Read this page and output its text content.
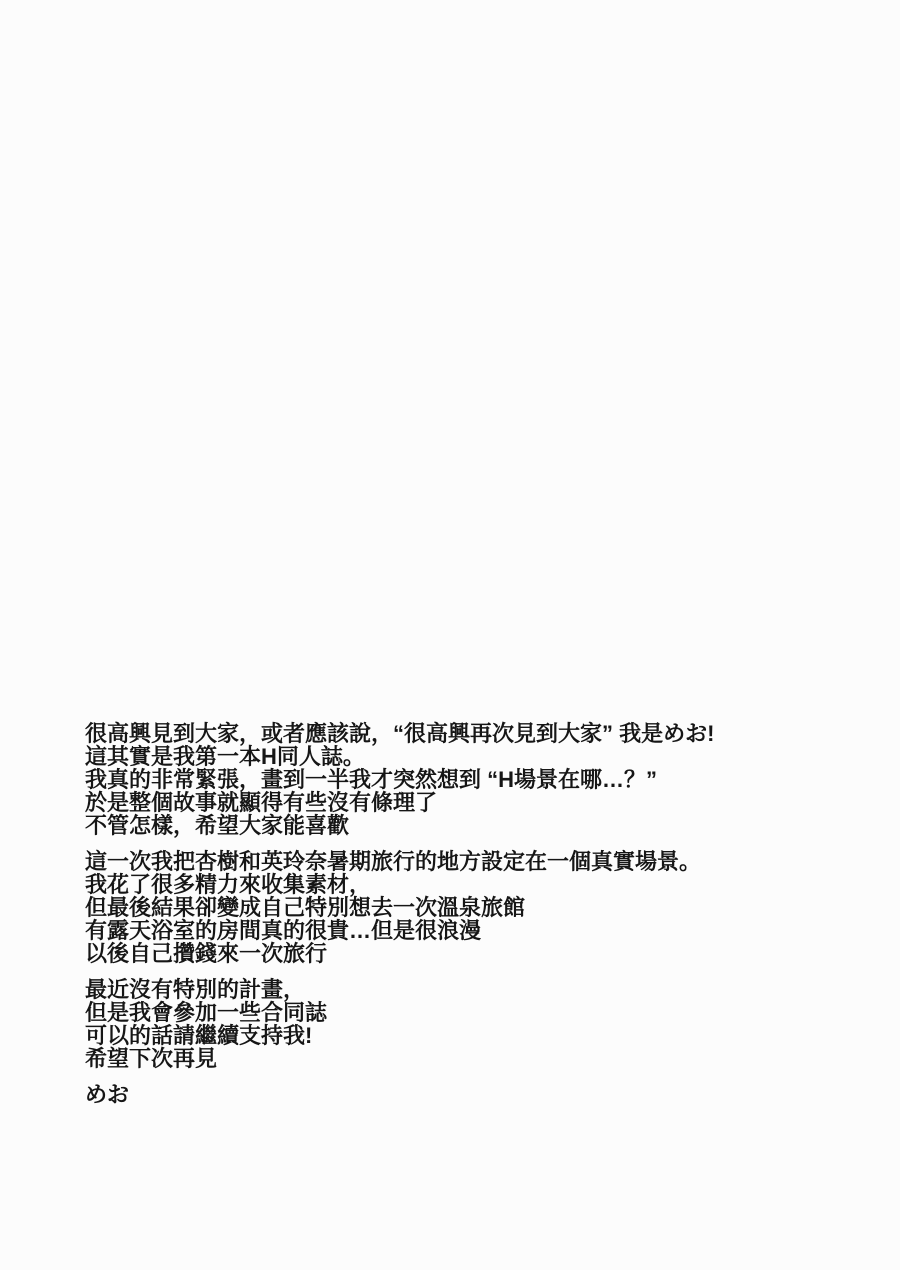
很高興見到大家，或者應該說，“很高興再次見到大家” 我是めお!
這其實是我第一本H同人誌。
我真的非常緊張，畫到一半我才突然想到 “H場景在哪…？”
於是整個故事就顯得有些沒有條理了
不管怎樣，希望大家能喜歡
這一次我把杏樹和英玲奈暑期旅行的地方設定在一個真實場景。
我花了很多精力來收集素材，
但最後結果卻變成自己特別想去一次溫泉旅館
有露天浴室的房間真的很貴…但是很浪漫
以後自己攢錢來一次旅行
最近沒有特別的計畫，
但是我會參加一些合同誌
可以的話請繼續支持我!
希望下次再見
めお
